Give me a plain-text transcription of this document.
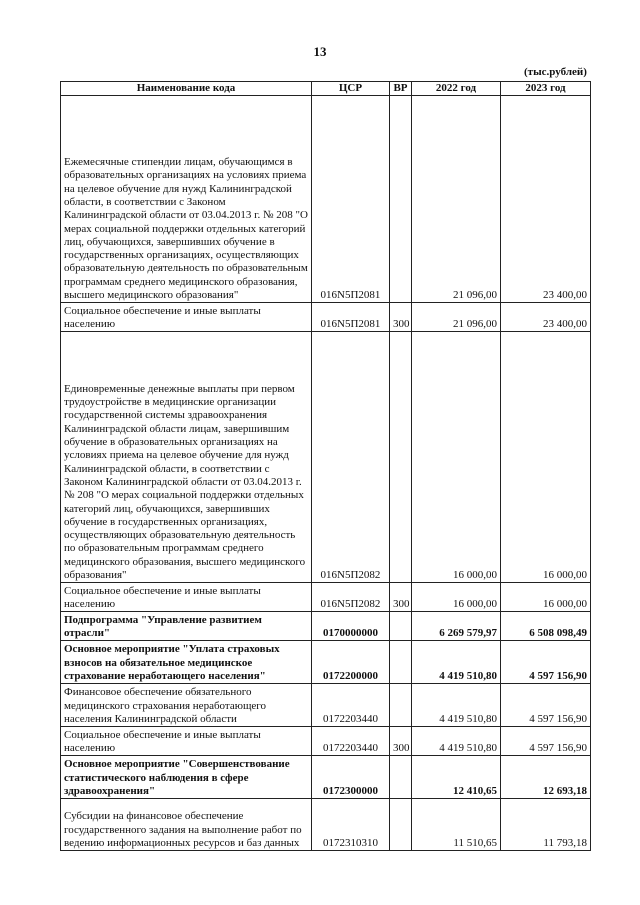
13
(тыс.рублей)
Наименование кода	ЦСР	ВР	2022 год	2023 год
Ежемесячные стипендии лицам, обучающимся в образовательных организациях на условиях приема на целевое обучение для нужд Калининградской области, в соответствии с Законом Калининградской области от 03.04.2013 г. № 208 "О мерах социальной поддержки отдельных категорий лиц, обучающихся, завершивших обучение в государственных организациях, осуществляющих образовательную деятельность по образовательным программам среднего медицинского образования, высшего медицинского образования"	016N5П2081		21 096,00	23 400,00
Социальное обеспечение и иные выплаты населению	016N5П2081	300	21 096,00	23 400,00
Единовременные денежные выплаты при первом трудоустройстве в медицинские организации государственной системы здравоохранения Калининградской области лицам, завершившим обучение в образовательных организациях на условиях приема на целевое обучение для нужд Калининградской области, в соответствии с Законом Калининградской области от 03.04.2013 г. № 208 "О мерах социальной поддержки отдельных категорий лиц, обучающихся, завершивших обучение в государственных организациях, осуществляющих образовательную деятельность по образовательным программам среднего медицинского образования, высшего медицинского образования"	016N5П2082		16 000,00	16 000,00
Социальное обеспечение и иные выплаты населению	016N5П2082	300	16 000,00	16 000,00
Подпрограмма "Управление развитием отрасли"	0170000000		6 269 579,97	6 508 098,49
Основное мероприятие "Уплата страховых взносов на обязательное медицинское страхование неработающего населения"	0172200000		4 419 510,80	4 597 156,90
Финансовое обеспечение обязательного медицинского страхования неработающего населения Калининградской области	0172203440		4 419 510,80	4 597 156,90
Социальное обеспечение и иные выплаты населению	0172203440	300	4 419 510,80	4 597 156,90
Основное мероприятие "Совершенствование статистического наблюдения в сфере здравоохранения"	0172300000		12 410,65	12 693,18
Субсидии на финансовое обеспечение государственного задания на выполнение работ по ведению информационных ресурсов и баз данных	0172310310		11 510,65	11 793,18
